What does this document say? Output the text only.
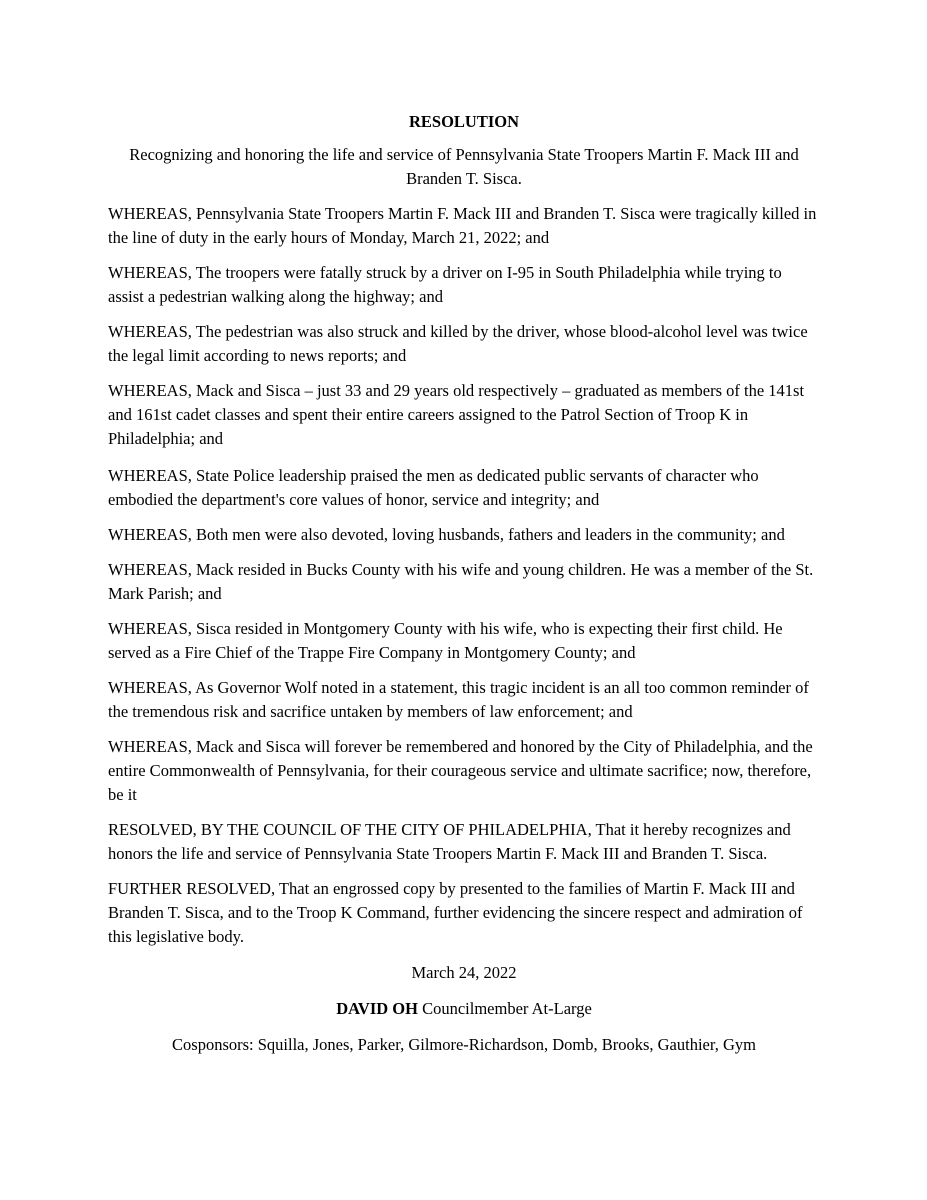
RESOLUTION

Recognizing and honoring the life and service of Pennsylvania State Troopers Martin F. Mack III and Branden T. Sisca.

WHEREAS, Pennsylvania State Troopers Martin F. Mack III and Branden T. Sisca were tragically killed in the line of duty in the early hours of Monday, March 21, 2022; and

WHEREAS, The troopers were fatally struck by a driver on I-95 in South Philadelphia while trying to assist a pedestrian walking along the highway; and

WHEREAS, The pedestrian was also struck and killed by the driver, whose blood-alcohol level was twice the legal limit according to news reports; and

WHEREAS, Mack and Sisca – just 33 and 29 years old respectively – graduated as members of the 141st and 161st cadet classes and spent their entire careers assigned to the Patrol Section of Troop K in Philadelphia; and

WHEREAS, State Police leadership praised the men as dedicated public servants of character who embodied the department's core values of honor, service and integrity; and

WHEREAS, Both men were also devoted, loving husbands, fathers and leaders in the community; and

WHEREAS, Mack resided in Bucks County with his wife and young children. He was a member of the St. Mark Parish; and

WHEREAS, Sisca resided in Montgomery County with his wife, who is expecting their first child. He served as a Fire Chief of the Trappe Fire Company in Montgomery County; and

WHEREAS, As Governor Wolf noted in a statement, this tragic incident is an all too common reminder of the tremendous risk and sacrifice untaken by members of law enforcement; and

WHEREAS, Mack and Sisca will forever be remembered and honored by the City of Philadelphia, and the entire Commonwealth of Pennsylvania, for their courageous service and ultimate sacrifice; now, therefore, be it

RESOLVED, BY THE COUNCIL OF THE CITY OF PHILADELPHIA, That it hereby recognizes and honors the life and service of Pennsylvania State Troopers Martin F. Mack III and Branden T. Sisca.

FURTHER RESOLVED, That an engrossed copy by presented to the families of Martin F. Mack III and Branden T. Sisca, and to the Troop K Command, further evidencing the sincere respect and admiration of this legislative body.

March 24, 2022

DAVID OH Councilmember At-Large

Cosponsors: Squilla, Jones, Parker, Gilmore-Richardson, Domb, Brooks, Gauthier, Gym
